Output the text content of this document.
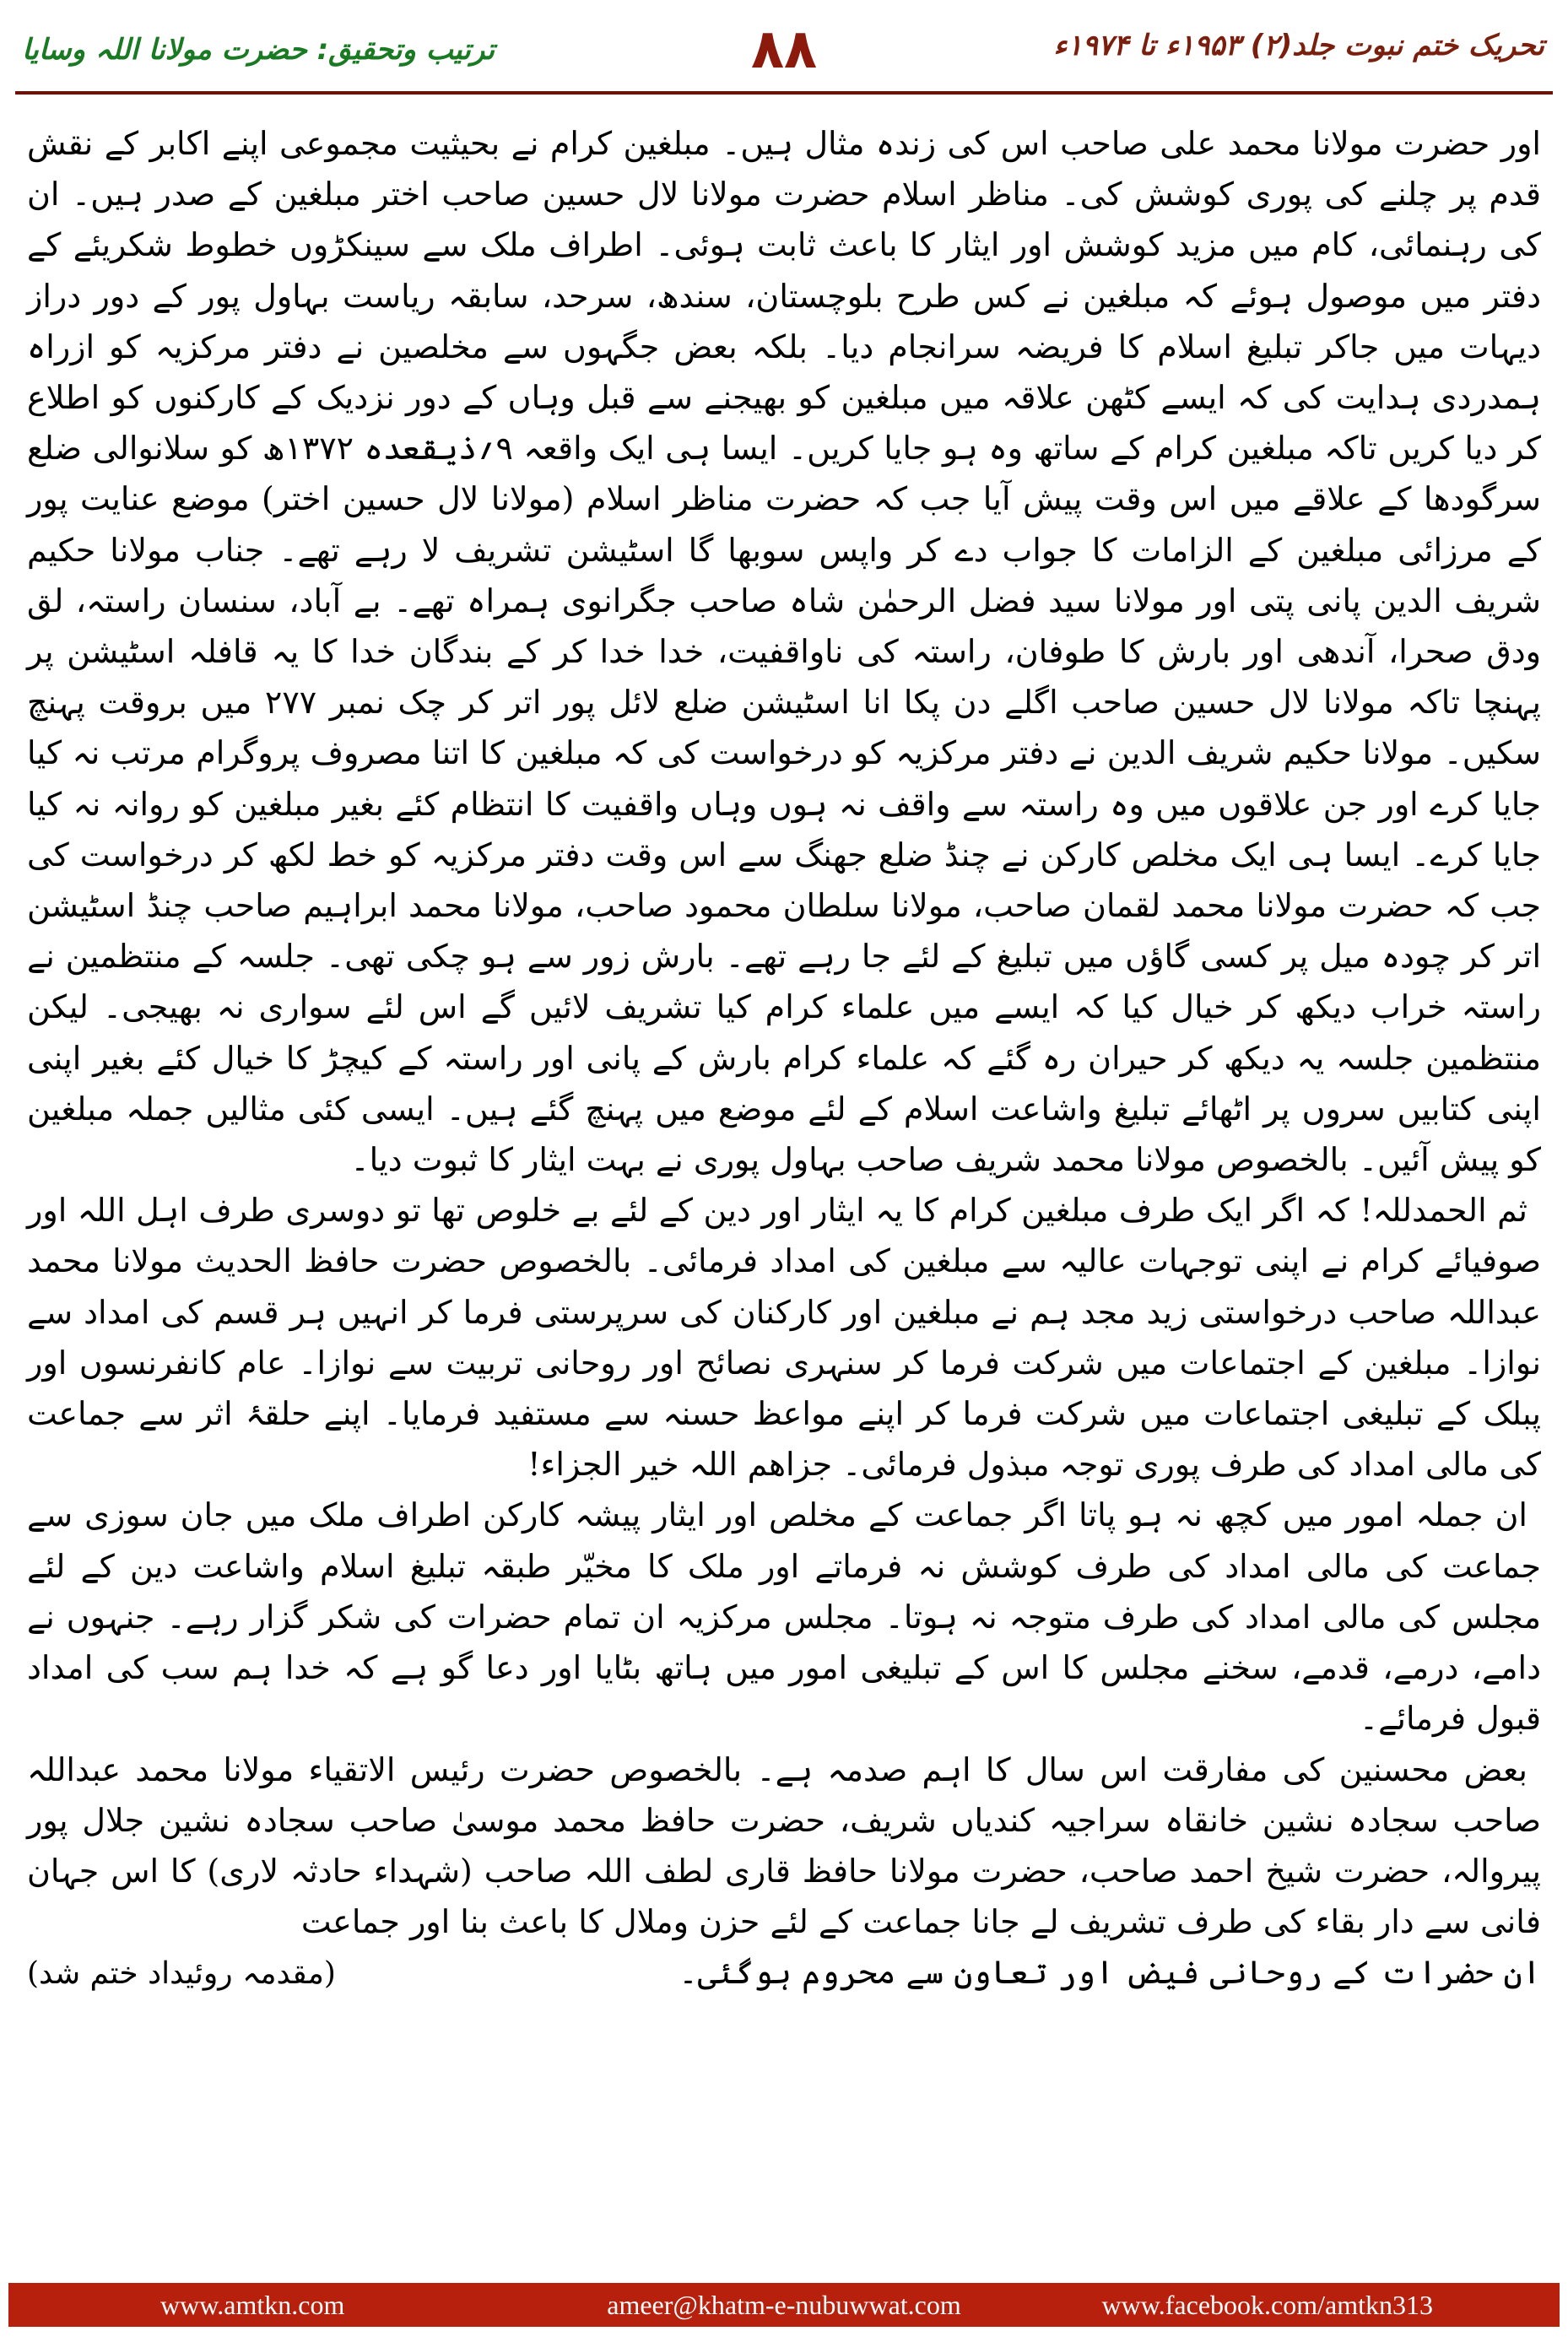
تحریک ختم نبوت جلد(۲) ۱۹۵۳ء تا ۱۹۷۴ء
۸۸
ترتیب وتحقیق: حضرت مولانا اللہ وسایا

اور حضرت مولانا محمد علی صاحب اس کی زندہ مثال ہیں۔ مبلغین کرام نے بحیثیت مجموعی اپنے اکابر کے نقش قدم پر چلنے کی پوری کوشش کی۔ مناظر اسلام حضرت مولانا لال حسین صاحب اختر مبلغین کے صدر ہیں۔ ان کی رہنمائی، کام میں مزید کوشش اور ایثار کا باعث ثابت ہوئی۔ اطراف ملک سے سینکڑوں خطوط شکریئے کے دفتر میں موصول ہوئے کہ مبلغین نے کس طرح بلوچستان، سندھ، سرحد، سابقہ ریاست بہاول پور کے دور دراز دیہات میں جاکر تبلیغ اسلام کا فریضہ سرانجام دیا۔ بلکہ بعض جگہوں سے مخلصین نے دفتر مرکزیہ کو ازراہ ہمدردی ہدایت کی کہ ایسے کٹھن علاقہ میں مبلغین کو بھیجنے سے قبل وہاں کے دور نزدیک کے کارکنوں کو اطلاع کر دیا کریں تاکہ مبلغین کرام کے ساتھ وہ ہو جایا کریں۔ ایسا ہی ایک واقعہ ۹؍ذیقعدہ ۱۳۷۲ھ کو سلانوالی ضلع سرگودھا کے علاقے میں اس وقت پیش آیا جب کہ حضرت مناظر اسلام (مولانا لال حسین اختر) موضع عنایت پور کے مرزائی مبلغین کے الزامات کا جواب دے کر واپس سوبھا گا اسٹیشن تشریف لا رہے تھے۔ جناب مولانا حکیم شریف الدین پانی پتی اور مولانا سید فضل الرحمٰن شاہ صاحب جگرانوی ہمراہ تھے۔ بے آباد، سنسان راستہ، لق ودق صحرا، آندھی اور بارش کا طوفان، راستہ کی ناواقفیت، خدا خدا کر کے بندگان خدا کا یہ قافلہ اسٹیشن پر پہنچا تاکہ مولانا لال حسین صاحب اگلے دن پکا انا اسٹیشن ضلع لائل پور اتر کر چک نمبر ۲۷۷ میں بروقت پہنچ سکیں۔ مولانا حکیم شریف الدین نے دفتر مرکزیہ کو درخواست کی کہ مبلغین کا اتنا مصروف پروگرام مرتب نہ کیا جایا کرے اور جن علاقوں میں وہ راستہ سے واقف نہ ہوں وہاں واقفیت کا انتظام کئے بغیر مبلغین کو روانہ نہ کیا جایا کرے۔ ایسا ہی ایک مخلص کارکن نے چنڈ ضلع جھنگ سے اس وقت دفتر مرکزیہ کو خط لکھ کر درخواست کی جب کہ حضرت مولانا محمد لقمان صاحب، مولانا سلطان محمود صاحب، مولانا محمد ابراہیم صاحب چنڈ اسٹیشن اتر کر چودہ میل پر کسی گاؤں میں تبلیغ کے لئے جا رہے تھے۔ بارش زور سے ہو چکی تھی۔ جلسہ کے منتظمین نے راستہ خراب دیکھ کر خیال کیا کہ ایسے میں علماء کرام کیا تشریف لائیں گے اس لئے سواری نہ بھیجی۔ لیکن منتظمین جلسہ یہ دیکھ کر حیران رہ گئے کہ علماء کرام بارش کے پانی اور راستہ کے کیچڑ کا خیال کئے بغیر اپنی اپنی کتابیں سروں پر اٹھائے تبلیغ واشاعت اسلام کے لئے موضع میں پہنچ گئے ہیں۔ ایسی کئی مثالیں جملہ مبلغین کو پیش آئیں۔ بالخصوص مولانا محمد شریف صاحب بہاول پوری نے بہت ایثار کا ثبوت دیا۔

ثم الحمدللہ! کہ اگر ایک طرف مبلغین کرام کا یہ ایثار اور دین کے لئے بے خلوص تھا تو دوسری طرف اہل اللہ اور صوفیائے کرام نے اپنی توجہات عالیہ سے مبلغین کی امداد فرمائی۔ بالخصوص حضرت حافظ الحدیث مولانا محمد عبداللہ صاحب درخواستی زید مجد ہم نے مبلغین اور کارکنان کی سرپرستی فرما کر انہیں ہر قسم کی امداد سے نوازا۔ مبلغین کے اجتماعات میں شرکت فرما کر سنہری نصائح اور روحانی تربیت سے نوازا۔ عام کانفرنسوں اور پبلک کے تبلیغی اجتماعات میں شرکت فرما کر اپنے مواعظ حسنہ سے مستفید فرمایا۔ اپنے حلقۂ اثر سے جماعت کی مالی امداد کی طرف پوری توجہ مبذول فرمائی۔ جزاھم اللہ خیر الجزاء!

ان جملہ امور میں کچھ نہ ہو پاتا اگر جماعت کے مخلص اور ایثار پیشہ کارکن اطراف ملک میں جان سوزی سے جماعت کی مالی امداد کی طرف کوشش نہ فرماتے اور ملک کا مخیّر طبقہ تبلیغ اسلام واشاعت دین کے لئے مجلس کی مالی امداد کی طرف متوجہ نہ ہوتا۔ مجلس مرکزیہ ان تمام حضرات کی شکر گزار رہے۔ جنہوں نے دامے، درمے، قدمے، سخنے مجلس کا اس کے تبلیغی امور میں ہاتھ بٹایا اور دعا گو ہے کہ خدا ہم سب کی امداد قبول فرمائے۔

بعض محسنین کی مفارقت اس سال کا اہم صدمہ ہے۔ بالخصوص حضرت رئیس الاتقیاء مولانا محمد عبداللہ صاحب سجادہ نشین خانقاہ سراجیہ کندیاں شریف، حضرت حافظ محمد موسیٰ صاحب سجادہ نشین جلال پور پیروالہ، حضرت شیخ احمد صاحب، حضرت مولانا حافظ قاری لطف اللہ صاحب (شہداء حادثہ لاری) کا اس جہان فانی سے دار بقاء کی طرف تشریف لے جانا جماعت کے لئے حزن وملال کا باعث بنا اور جماعت

ان حضرات کے روحانی فیض اور تعاون سے محروم ہوگئی۔
(مقدمہ روئیداد ختم شد)
www.amtkn.com	ameer@khatm-e-nubuwwat.com	www.facebook.com/amtkn313
